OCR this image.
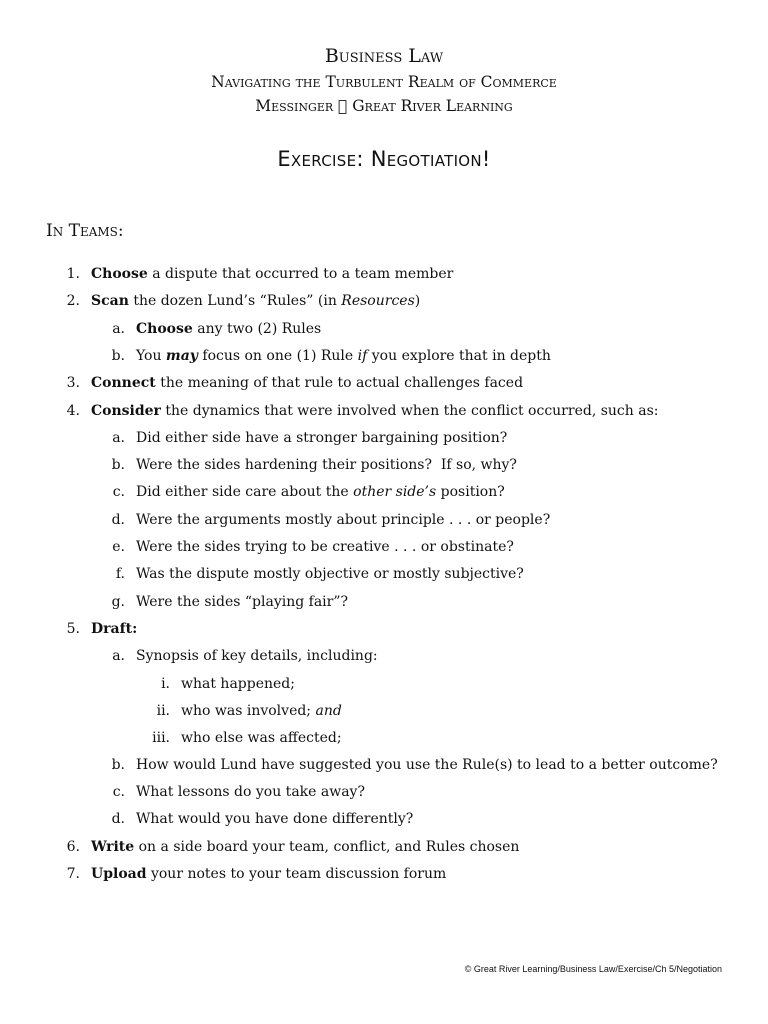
Business Law
Navigating the Turbulent Realm of Commerce
Messinger Great River Learning
Exercise: Negotiation!
In Teams:
1. Choose a dispute that occurred to a team member
2. Scan the dozen Lund’s “Rules” (in Resources)
a. Choose any two (2) Rules
b. You may focus on one (1) Rule if you explore that in depth
3. Connect the meaning of that rule to actual challenges faced
4. Consider the dynamics that were involved when the conflict occurred, such as:
a. Did either side have a stronger bargaining position?
b. Were the sides hardening their positions?  If so, why?
c. Did either side care about the other side’s position?
d. Were the arguments mostly about principle . . . or people?
e. Were the sides trying to be creative . . . or obstinate?
f. Was the dispute mostly objective or mostly subjective?
g. Were the sides “playing fair”?
5. Draft:
a. Synopsis of key details, including:
i. what happened;
ii. who was involved; and
iii. who else was affected;
b. How would Lund have suggested you use the Rule(s) to lead to a better outcome?
c. What lessons do you take away?
d. What would you have done differently?
6. Write on a side board your team, conflict, and Rules chosen
7. Upload your notes to your team discussion forum
© Great River Learning/Business Law/Exercise/Ch 5/Negotiation
